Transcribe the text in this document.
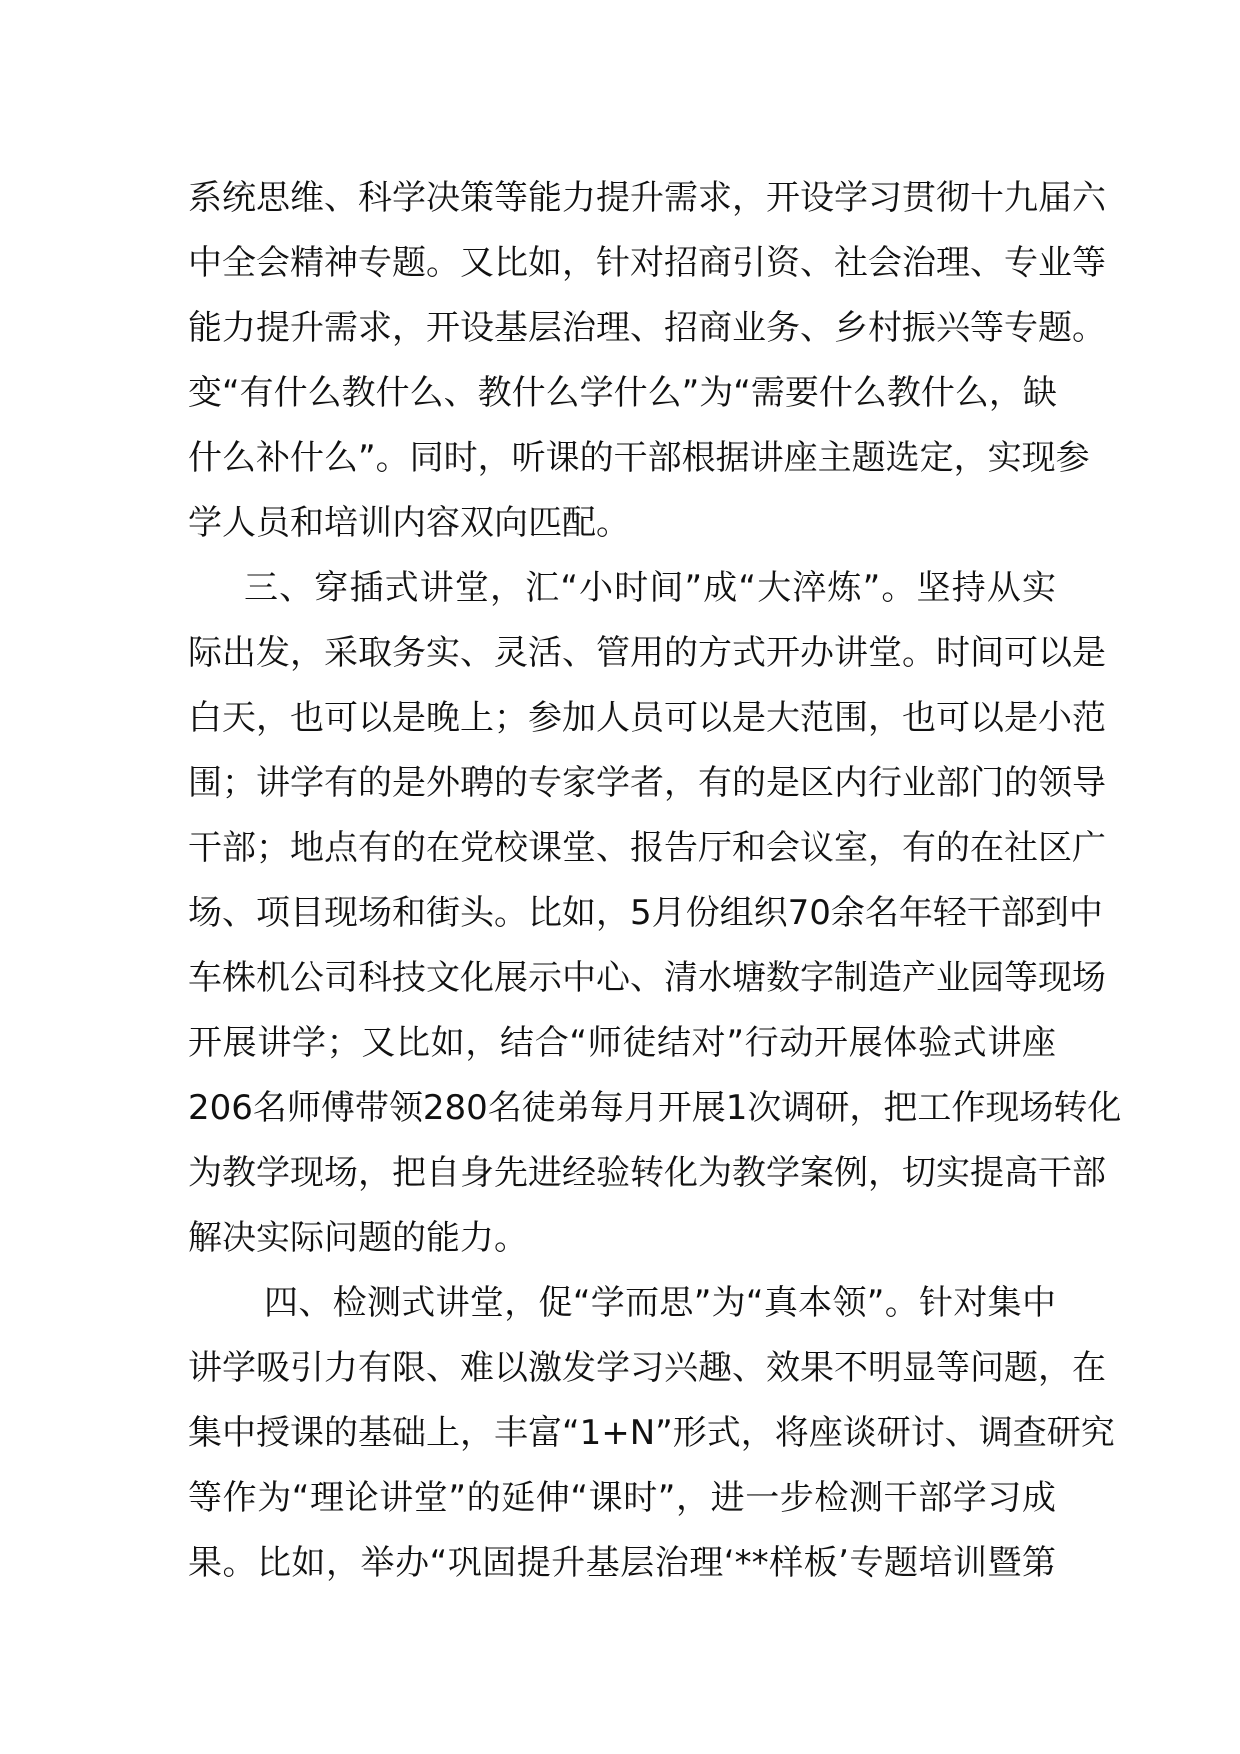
系统思维、科学决策等能力提升需求，开设学习贯彻十九届六
中全会精神专题。又比如，针对招商引资、社会治理、专业等
能力提升需求，开设基层治理、招商业务、乡村振兴等专题。
变“有什么教什么、教什么学什么”为“需要什么教什么，缺
什么补什么”。同时，听课的干部根据讲座主题选定，实现参
学人员和培训内容双向匹配。
三、穿插式讲堂，汇“小时间”成“大淬炼”。坚持从实
际出发，采取务实、灵活、管用的方式开办讲堂。时间可以是
白天，也可以是晚上；参加人员可以是大范围，也可以是小范
围；讲学有的是外聘的专家学者，有的是区内行业部门的领导
干部；地点有的在党校课堂、报告厅和会议室，有的在社区广
场、项目现场和街头。比如，5月份组织70余名年轻干部到中
车株机公司科技文化展示中心、清水塘数字制造产业园等现场
开展讲学；又比如，结合“师徒结对”行动开展体验式讲座
206名师傅带领280名徒弟每月开展1次调研，把工作现场转化
为教学现场，把自身先进经验转化为教学案例，切实提高干部
解决实际问题的能力。
四、检测式讲堂，促“学而思”为“真本领”。针对集中
讲学吸引力有限、难以激发学习兴趣、效果不明显等问题，在
集中授课的基础上，丰富“1+N”形式，将座谈研讨、调查研究
等作为“理论讲堂”的延伸“课时”，进一步检测干部学习成
果。比如，举办“巩固提升基层治理‘**样板’专题培训暨第
